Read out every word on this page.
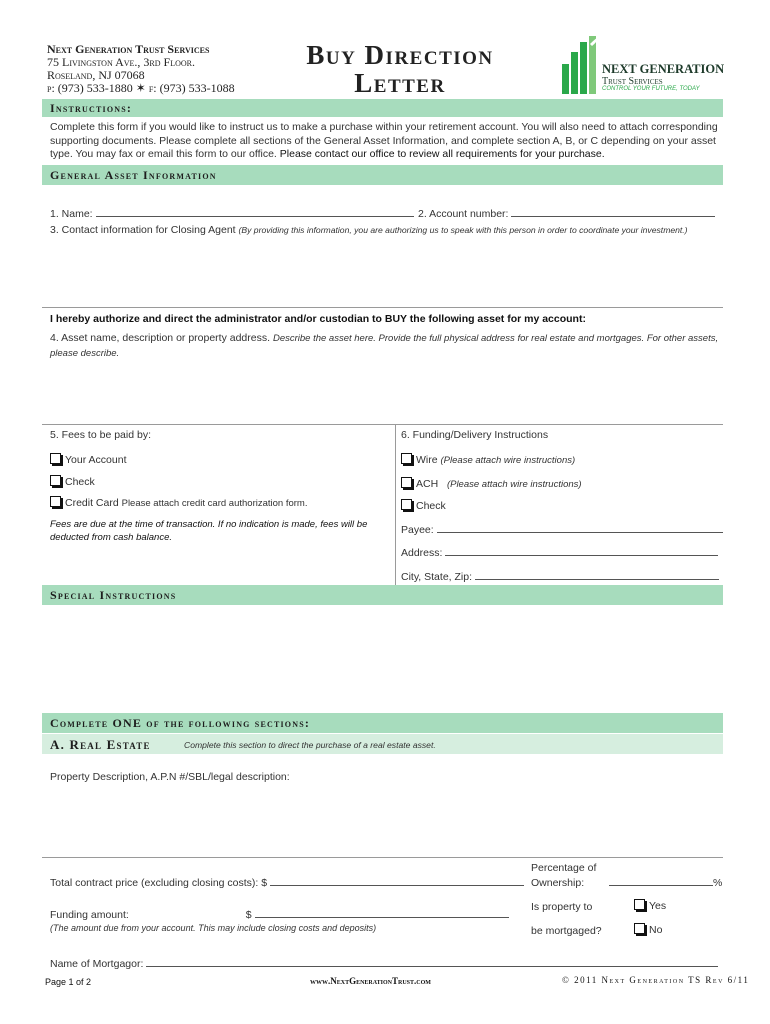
Next Generation Trust Services
75 Livingston Ave., 3rd Floor.
Roseland, NJ 07068
p: (973) 533-1880 ✶ f: (973) 533-1088
Buy Direction
Letter	NEXT GENERATION
Trust Services
CONTROL YOUR FUTURE, TODAY
Instructions:
Complete this form if you would like to instruct us to make a purchase within your retirement account. You will also need to attach corresponding supporting documents. Please complete all sections of the General Asset Information, and complete section A, B, or C depending on your asset type. You may fax or email this form to our office. Please contact our office to review all requirements for your purchase.
General Asset Information
1. Name:	2. Account number:
3. Contact information for Closing Agent (By providing this information, you are authorizing us to speak with this person in order to coordinate your investment.)
I hereby authorize and direct the administrator and/or custodian to BUY the following asset for my account:
4. Asset name, description or property address. Describe the asset here. Provide the full physical address for real estate and mortgages. For other assets, please describe.
5. Fees to be paid by:
Your Account
Check
Credit Card Please attach credit card authorization form.
Fees are due at the time of transaction. If no indication is made, fees will be deducted from cash balance.
6. Funding/Delivery Instructions
Wire (Please attach wire instructions)
ACH (Please attach wire instructions)
Check
Payee:
Address:
City, State, Zip:
Special Instructions
Complete ONE of the following sections:
A. Real Estate	Complete this section to direct the purchase of a real estate asset.
Property Description, A.P.N #/SBL/legal description:
Total contract price (excluding closing costs): $
Funding amount:	$
(The amount due from your account. This may include closing costs and deposits)
Percentage of
Ownership:	%
Is property to
be mortgaged?
Yes
No
Name of Mortgagor:
Page 1 of 2	www.NextGenerationTrust.com	© 2011 Next Generation TS Rev 6/11
